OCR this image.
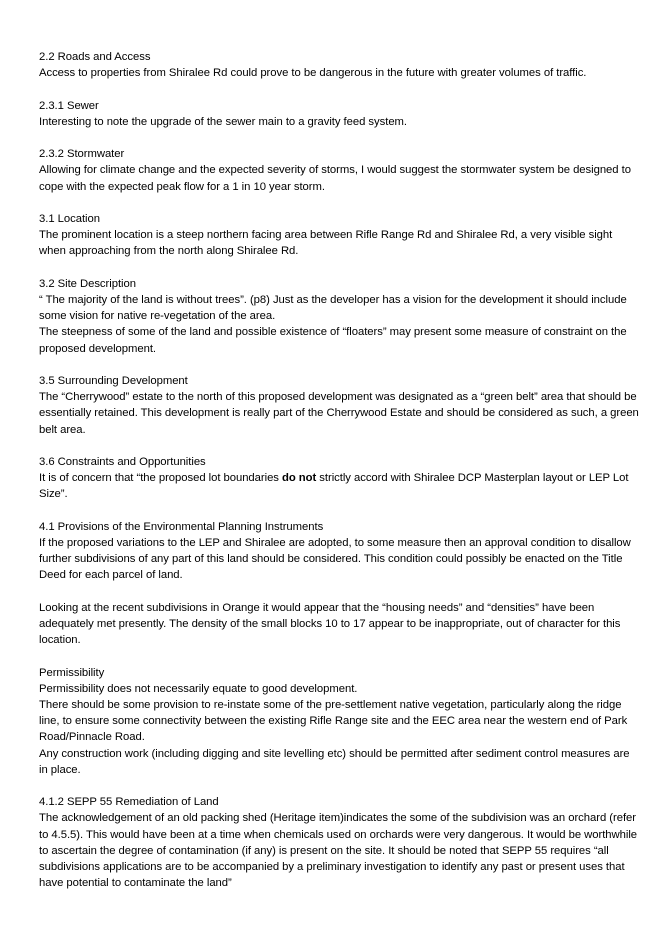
2.2 Roads and Access

Access to properties from Shiralee Rd could prove to be dangerous in the future with greater volumes of traffic.

2.3.1 Sewer

Interesting to note the upgrade of the sewer main to a gravity feed system.

2.3.2 Stormwater

Allowing for climate change and the expected severity of storms, I would suggest the stormwater system be designed to cope with the expected peak flow for a 1 in 10 year storm.

3.1 Location

The prominent location is a steep northern facing area between Rifle Range Rd and Shiralee Rd, a very visible sight when approaching from the north along Shiralee Rd.

3.2 Site Description

“ The majority of the land is without trees”. (p8) Just as the developer has a vision for the development it should include some vision for native re-vegetation of the area.

The steepness of some of the land and possible existence of “floaters” may present some measure of constraint on the proposed development.

3.5 Surrounding Development

The “Cherrywood” estate to the north of this proposed development was designated as a “green belt” area that should be essentially retained. This development is really part of the Cherrywood Estate and should be considered as such, a green belt area.

3.6 Constraints and Opportunities

It is of concern that “the proposed lot boundaries do not strictly accord with Shiralee DCP Masterplan layout or LEP Lot Size”.

4.1 Provisions of the Environmental Planning Instruments

If the proposed variations to the LEP and Shiralee are adopted, to some measure then an approval condition to disallow further subdivisions of any part of this land should be considered. This condition could possibly be enacted on the Title Deed for each parcel of land.

Looking at the recent subdivisions in Orange it would appear that the “housing needs” and “densities” have been adequately met presently. The density of the small blocks 10 to 17 appear to be inappropriate, out of character for this location.

Permissibility

Permissibility does not necessarily equate to good development.

There should be some provision to re-instate some of the pre-settlement native vegetation, particularly along the ridge line, to ensure some connectivity between the existing Rifle Range site and the EEC area near the western end of Park Road/Pinnacle Road.

Any construction work (including digging and site levelling etc) should be permitted after sediment control measures are in place.

4.1.2 SEPP 55 Remediation of Land

The acknowledgement of an old packing shed (Heritage item)indicates the some of the subdivision was an orchard (refer to 4.5.5). This would have been at a time when chemicals used on orchards were very dangerous. It would be worthwhile to ascertain the degree of contamination (if any) is present on the site. It should be noted that SEPP 55 requires “all subdivisions applications are to be accompanied by a preliminary investigation to identify any past or present uses that have potential to contaminate the land”
